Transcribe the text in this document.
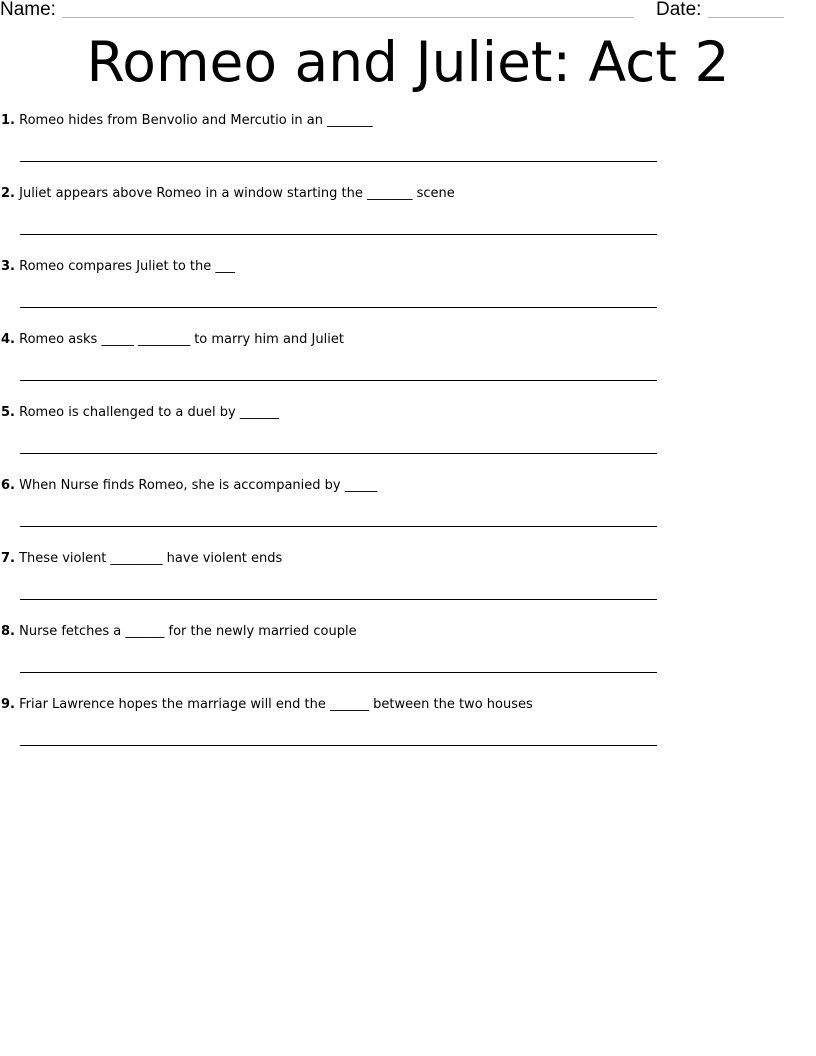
Name:	Date:
Romeo and Juliet: Act 2
1. Romeo hides from Benvolio and Mercutio in an _______
2. Juliet appears above Romeo in a window starting the _______ scene
3. Romeo compares Juliet to the ___
4. Romeo asks _____ ________ to marry him and Juliet
5. Romeo is challenged to a duel by ______
6. When Nurse finds Romeo, she is accompanied by _____
7. These violent ________ have violent ends
8. Nurse fetches a ______ for the newly married couple
9. Friar Lawrence hopes the marriage will end the ______ between the two houses
